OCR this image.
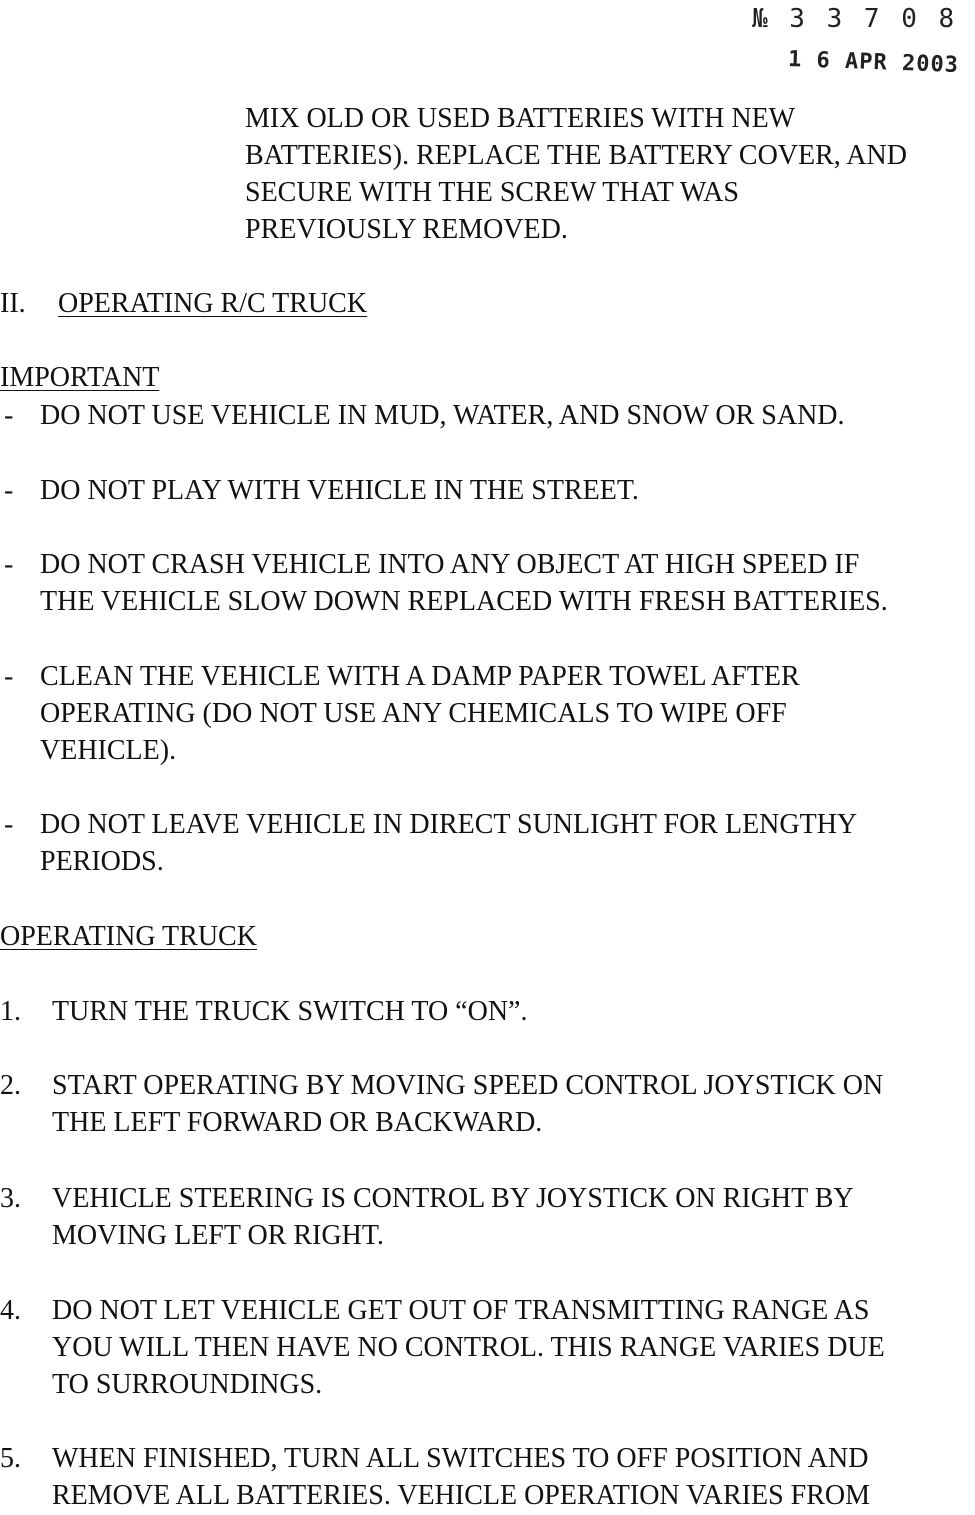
№ 3 3 7 0 8
1 6 APR 2003
MIX OLD OR USED BATTERIES WITH NEW
BATTERIES). REPLACE THE BATTERY COVER, AND
SECURE WITH THE SCREW THAT WAS
PREVIOUSLY REMOVED.
II. OPERATING R/C TRUCK
IMPORTANT
- DO NOT USE VEHICLE IN MUD, WATER, AND SNOW OR SAND.
- DO NOT PLAY WITH VEHICLE IN THE STREET.
- DO NOT CRASH VEHICLE INTO ANY OBJECT AT HIGH SPEED IF
THE VEHICLE SLOW DOWN REPLACED WITH FRESH BATTERIES.
- CLEAN THE VEHICLE WITH A DAMP PAPER TOWEL AFTER
OPERATING (DO NOT USE ANY CHEMICALS TO WIPE OFF
VEHICLE).
- DO NOT LEAVE VEHICLE IN DIRECT SUNLIGHT FOR LENGTHY
PERIODS.
OPERATING TRUCK
1. TURN THE TRUCK SWITCH TO “ON”.
2. START OPERATING BY MOVING SPEED CONTROL JOYSTICK ON
THE LEFT FORWARD OR BACKWARD.
3. VEHICLE STEERING IS CONTROL BY JOYSTICK ON RIGHT BY
MOVING LEFT OR RIGHT.
4. DO NOT LET VEHICLE GET OUT OF TRANSMITTING RANGE AS
YOU WILL THEN HAVE NO CONTROL. THIS RANGE VARIES DUE
TO SURROUNDINGS.
5. WHEN FINISHED, TURN ALL SWITCHES TO OFF POSITION AND
REMOVE ALL BATTERIES. VEHICLE OPERATION VARIES FROM
